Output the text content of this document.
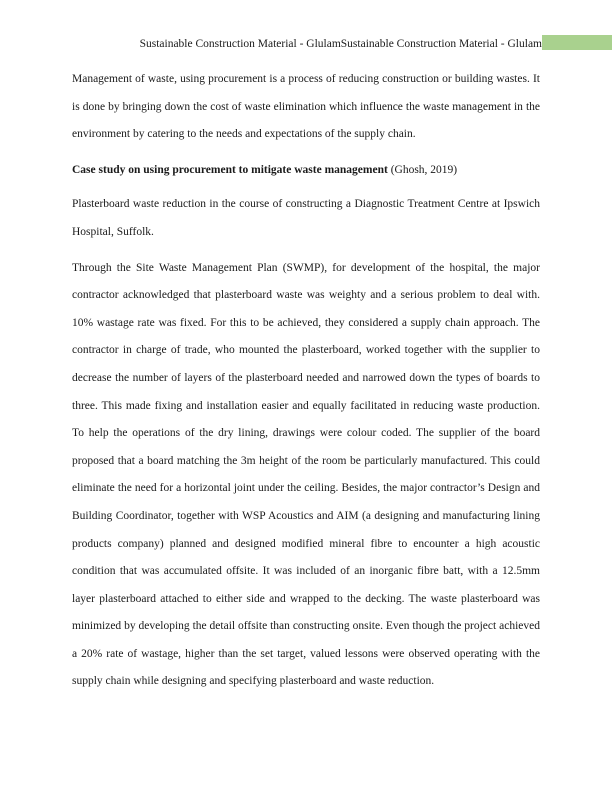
Sustainable Construction Material - GlulamSustainable Construction Material - Glulam

Management of waste, using procurement is a process of reducing construction or building wastes. It is done by bringing down the cost of waste elimination which influence the waste management in the environment by catering to the needs and expectations of the supply chain.

Case study on using procurement to mitigate waste management (Ghosh, 2019)

Plasterboard waste reduction in the course of constructing a Diagnostic Treatment Centre at Ipswich Hospital, Suffolk.

Through the Site Waste Management Plan (SWMP), for development of the hospital, the major contractor acknowledged that plasterboard waste was weighty and a serious problem to deal with. 10% wastage rate was fixed. For this to be achieved, they considered a supply chain approach. The contractor in charge of trade, who mounted the plasterboard, worked together with the supplier to decrease the number of layers of the plasterboard needed and narrowed down the types of boards to three. This made fixing and installation easier and equally facilitated in reducing waste production. To help the operations of the dry lining, drawings were colour coded. The supplier of the board proposed that a board matching the 3m height of the room be particularly manufactured. This could eliminate the need for a horizontal joint under the ceiling. Besides, the major contractor’s Design and Building Coordinator, together with WSP Acoustics and AIM (a designing and manufacturing lining products company) planned and designed modified mineral fibre to encounter a high acoustic condition that was accumulated offsite. It was included of an inorganic fibre batt, with a 12.5mm layer plasterboard attached to either side and wrapped to the decking. The waste plasterboard was minimized by developing the detail offsite than constructing onsite. Even though the project achieved a 20% rate of wastage, higher than the set target, valued lessons were observed operating with the supply chain while designing and specifying plasterboard and waste reduction.
